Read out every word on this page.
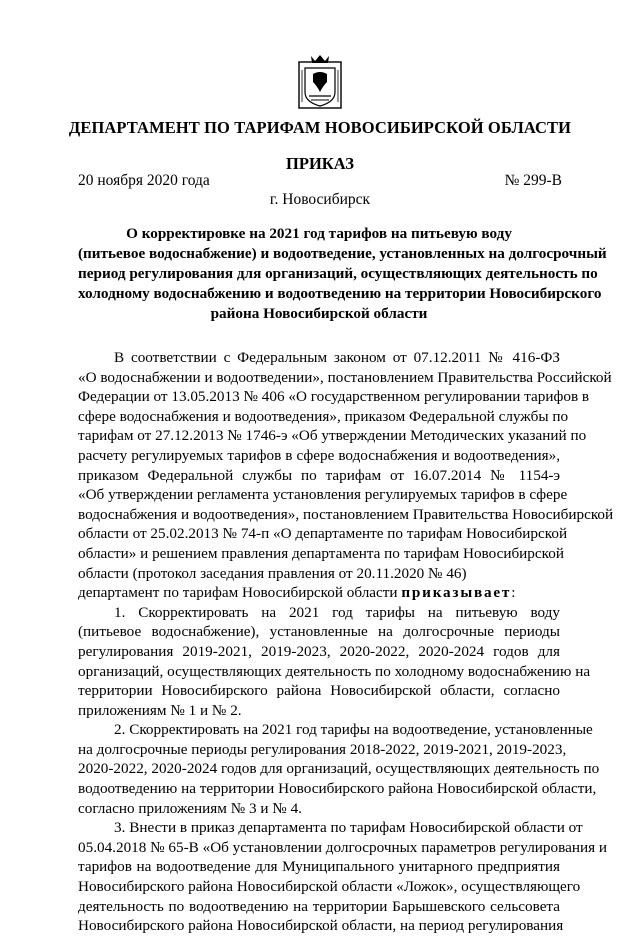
ДЕПАРТАМЕНТ ПО ТАРИФАМ НОВОСИБИРСКОЙ ОБЛАСТИ
ПРИКАЗ
20 ноября 2020 года	№ 299-В
г. Новосибирск
О корректировке на 2021 год тарифов на питьевую воду
(питьевое водоснабжение) и водоотведение, установленных на долгосрочный
период регулирования для организаций, осуществляющих деятельность по
холодному водоснабжению и водоотведению на территории Новосибирского
района Новосибирской области
В соответствии с Федеральным законом от 07.12.2011 № 416-ФЗ
«О водоснабжении и водоотведении», постановлением Правительства Российской
Федерации от 13.05.2013 № 406 «О государственном регулировании тарифов в
сфере водоснабжения и водоотведения», приказом Федеральной службы по
тарифам от 27.12.2013 № 1746-э «Об утверждении Методических указаний по
расчету регулируемых тарифов в сфере водоснабжения и водоотведения»,
приказом Федеральной службы по тарифам от 16.07.2014 № 1154-э
«Об утверждении регламента установления регулируемых тарифов в сфере
водоснабжения и водоотведения», постановлением Правительства Новосибирской
области от 25.02.2013 № 74-п «О департаменте по тарифам Новосибирской
области» и решением правления департамента по тарифам Новосибирской
области (протокол заседания правления от 20.11.2020 № 46)
департамент по тарифам Новосибирской области приказывает:
1. Скорректировать на 2021 год тарифы на питьевую воду
(питьевое водоснабжение), установленные на долгосрочные периоды
регулирования 2019-2021, 2019-2023, 2020-2022, 2020-2024 годов для
организаций, осуществляющих деятельность по холодному водоснабжению на
территории Новосибирского района Новосибирской области, согласно
приложениям № 1 и № 2.
2. Скорректировать на 2021 год тарифы на водоотведение, установленные
на долгосрочные периоды регулирования 2018-2022, 2019-2021, 2019-2023,
2020-2022, 2020-2024 годов для организаций, осуществляющих деятельность по
водоотведению на территории Новосибирского района Новосибирской области,
согласно приложениям № 3 и № 4.
3. Внести в приказ департамента по тарифам Новосибирской области от
05.04.2018 № 65-В «Об установлении долгосрочных параметров регулирования и
тарифов на водоотведение для Муниципального унитарного предприятия
Новосибирского района Новосибирской области «Ложок», осуществляющего
деятельность по водоотведению на территории Барышевского сельсовета
Новосибирского района Новосибирской области, на период регулирования
